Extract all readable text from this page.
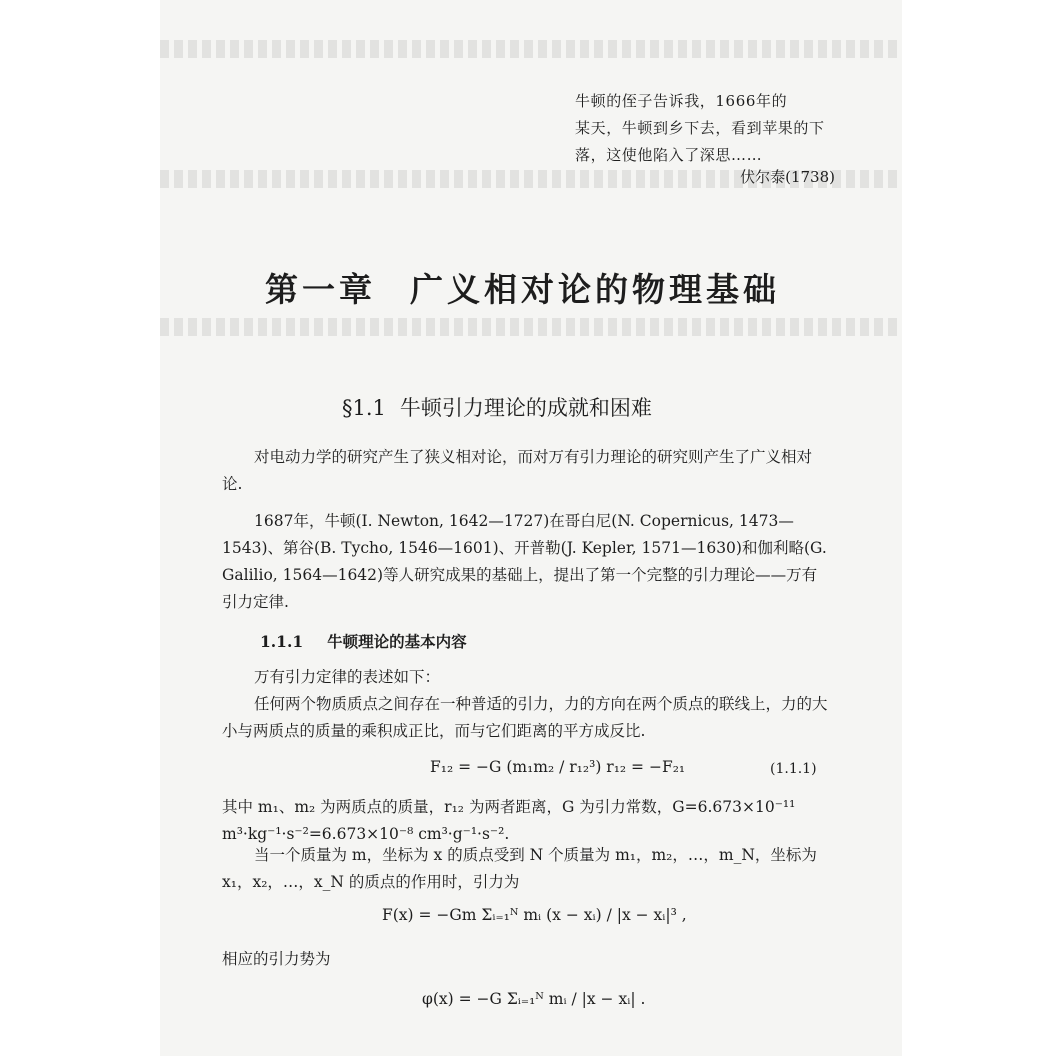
牛顿的侄子告诉我，1666年的
某天，牛顿到乡下去，看到苹果的下
落，这使他陷入了深思……
伏尔泰(1738)
第一章 广义相对论的物理基础
§1.1 牛顿引力理论的成就和困难

对电动力学的研究产生了狭义相对论，而对万有引力理论的研究则产生了广义相对论.

1687年，牛顿(I. Newton, 1642—1727)在哥白尼(N. Copernicus, 1473—1543)、第谷(B. Tycho, 1546—1601)、开普勒(J. Kepler, 1571—1630)和伽利略(G. Galilio, 1564—1642)等人研究成果的基础上，提出了第一个完整的引力理论——万有引力定律.

1.1.1 牛顿理论的基本内容

万有引力定律的表述如下：

任何两个物质质点之间存在一种普适的引力，力的方向在两个质点的联线上，力的大小与两质点的质量的乘积成正比，而与它们距离的平方成反比.

F₁₂ = −G (m₁m₂ / r₁₂³) r₁₂ = −F₂₁	(1.1.1)

其中 m₁、m₂ 为两质点的质量，r₁₂ 为两者距离，G 为引力常数，G=6.673×10⁻¹¹ m³·kg⁻¹·s⁻²=6.673×10⁻⁸ cm³·g⁻¹·s⁻².

当一个质量为 m，坐标为 x 的质点受到 N 个质量为 m₁，m₂，…，m_N，坐标为 x₁，x₂，…，x_N 的质点的作用时，引力为

F(x) = −Gm Σᵢ₌₁ᴺ mᵢ (x − xᵢ) / |x − xᵢ|³ ,

相应的引力势为

φ(x) = −G Σᵢ₌₁ᴺ mᵢ / |x − xᵢ| .
